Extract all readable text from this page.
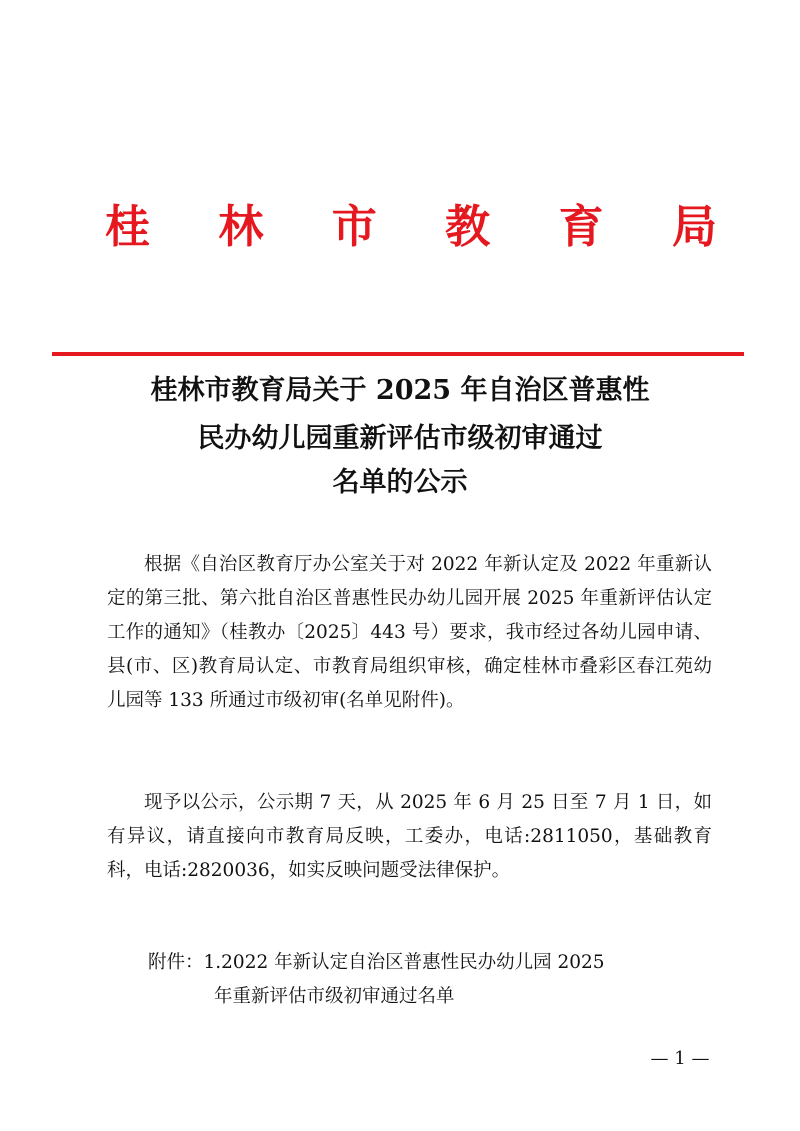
桂 林 市 教 育 局
桂林市教育局关于 2025 年自治区普惠性
民办幼儿园重新评估市级初审通过
名单的公示

根据《自治区教育厅办公室关于对 2022 年新认定及 2022 年重新认定的第三批、第六批自治区普惠性民办幼儿园开展 2025 年重新评估认定工作的通知》（桂教办〔2025〕443 号）要求，我市经过各幼儿园申请、县(市、区)教育局认定、市教育局组织审核，确定桂林市叠彩区春江苑幼儿园等 133 所通过市级初审(名单见附件)。

现予以公示，公示期 7 天，从 2025 年 6 月 25 日至 7 月 1 日，如有异议，请直接向市教育局反映，工委办，电话:2811050，基础教育科，电话:2820036，如实反映问题受法律保护。

附件：1.2022 年新认定自治区普惠性民办幼儿园 2025
年重新评估市级初审通过名单
— 1 —
